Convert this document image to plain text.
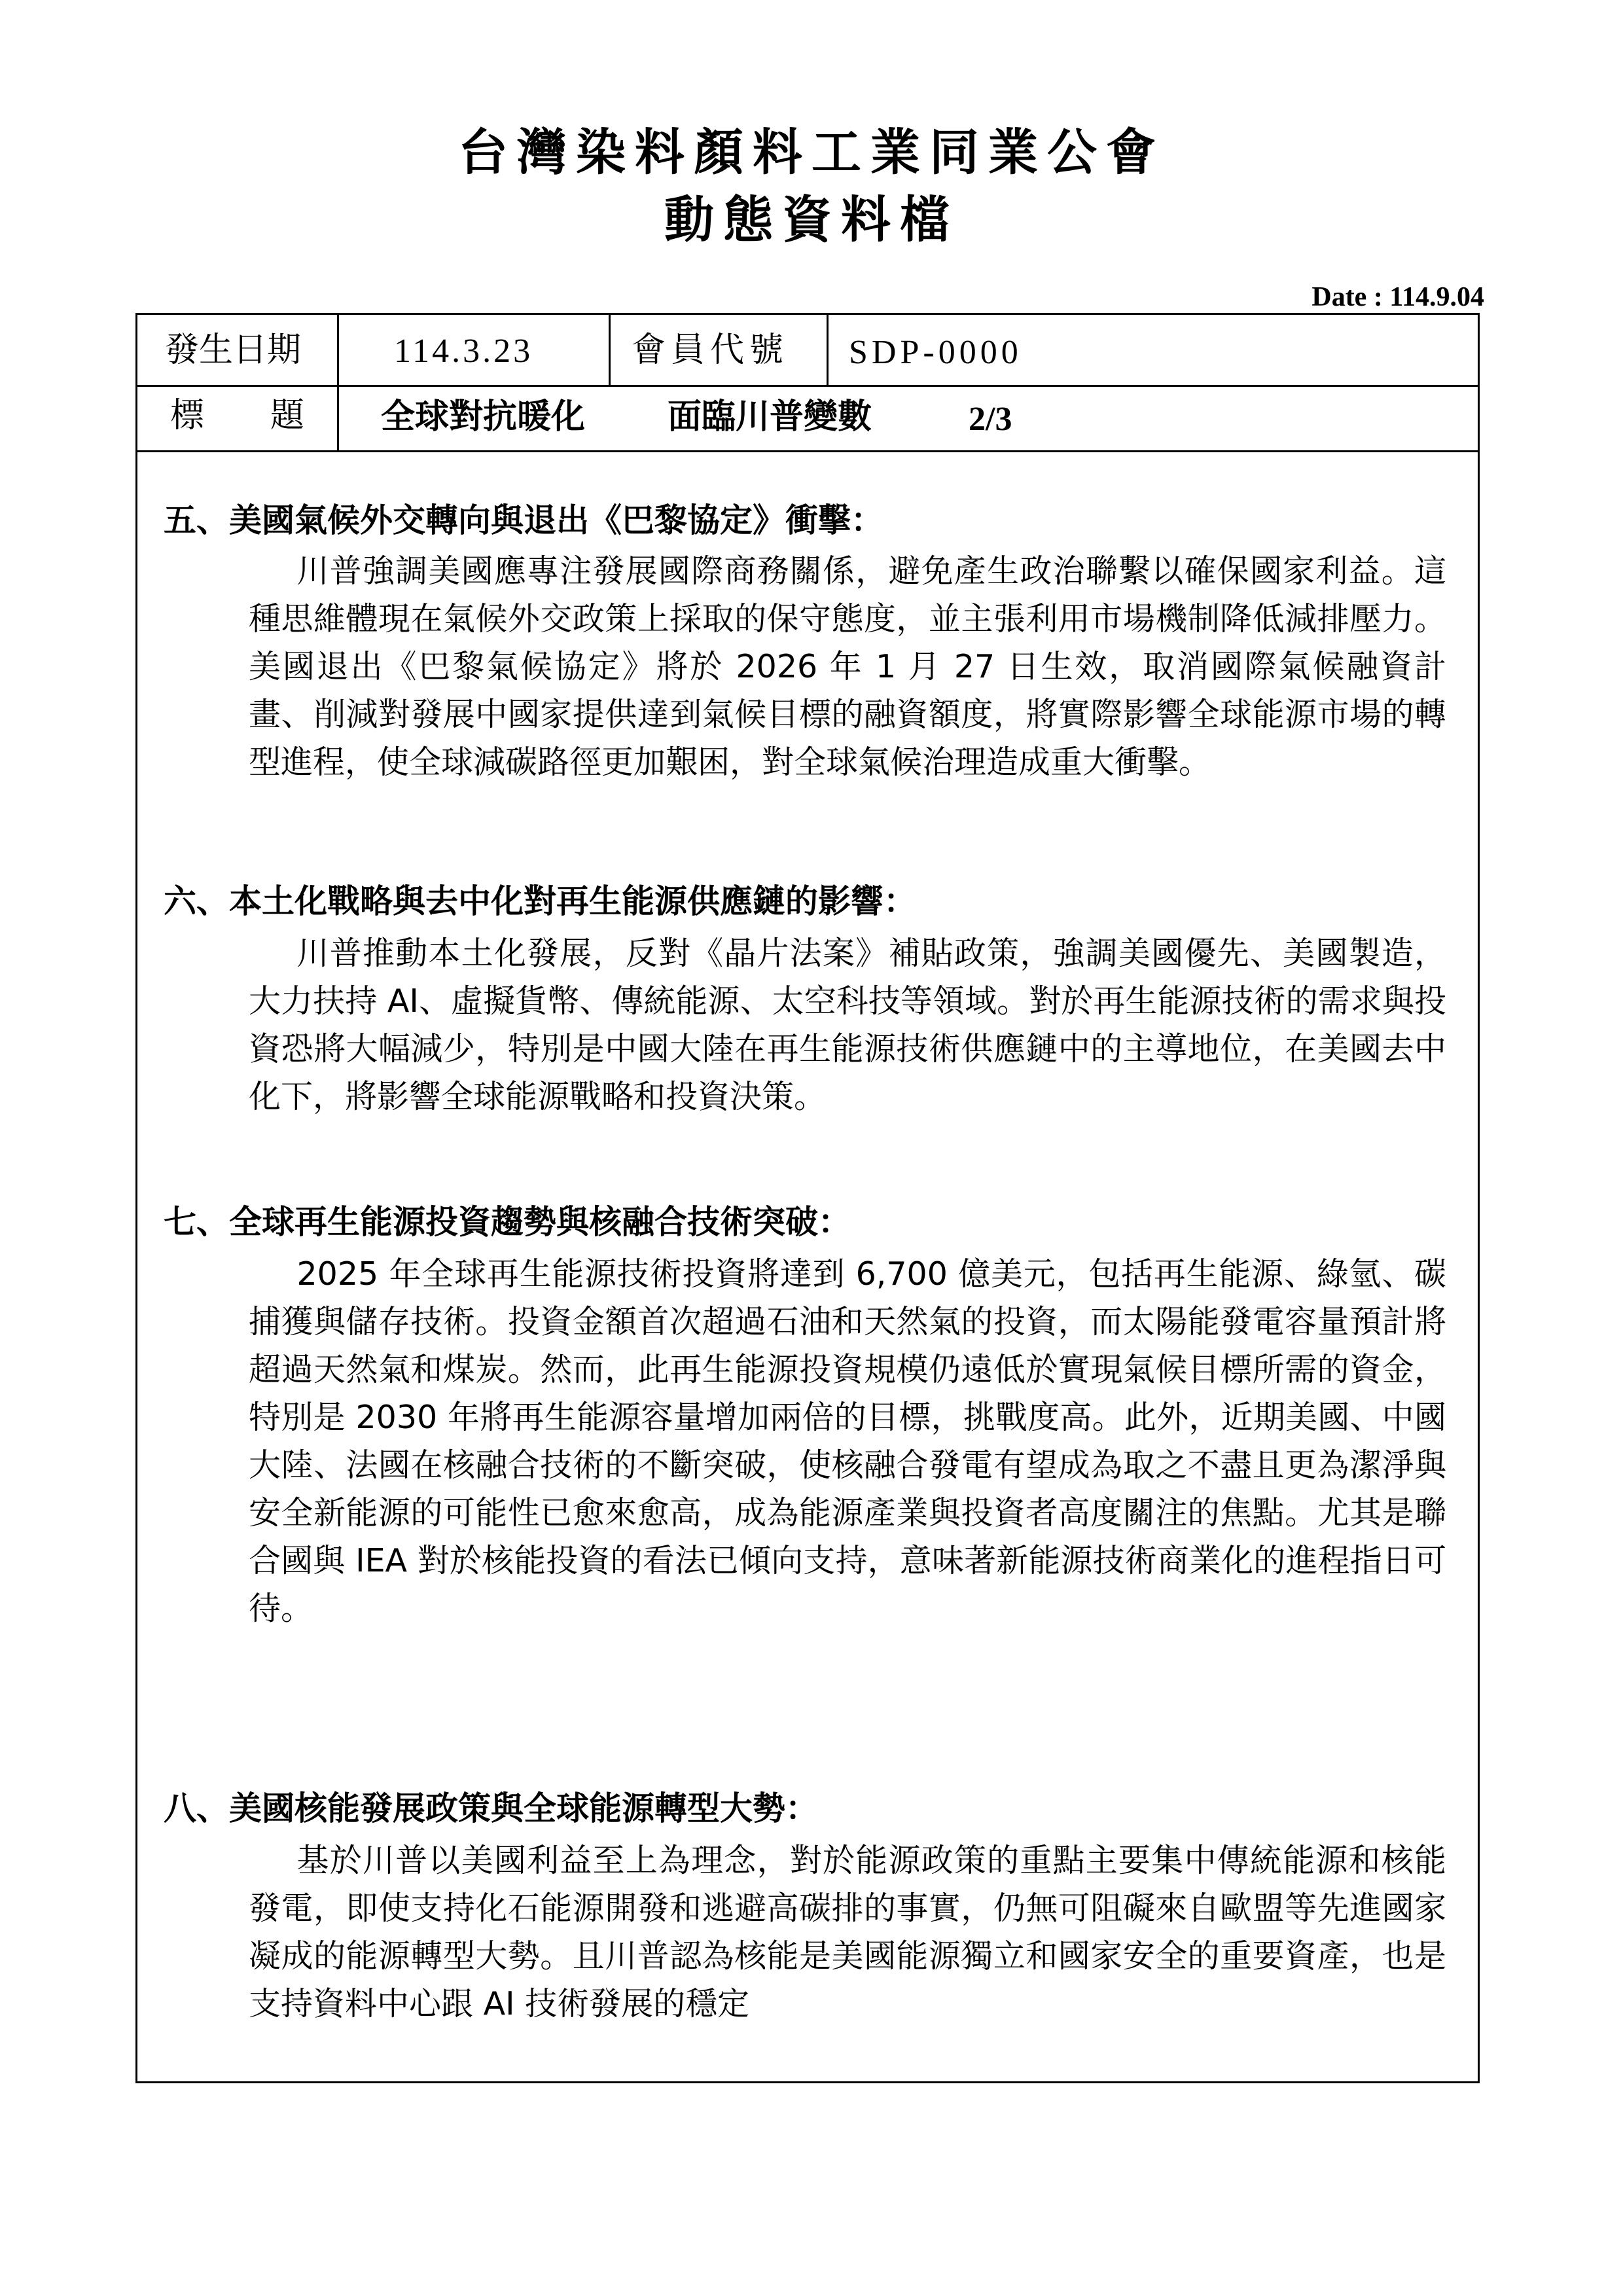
台灣染料顏料工業同業公會
動態資料檔
Date : 114.9.04
發生日期	114.3.23	會員代號 SDP-0000
標 題 全球對抗暖化 面臨川普變數	2/3
五、美國氣候外交轉向與退出《巴黎協定》衝擊：
川普強調美國應專注發展國際商務關係，避免產生政治聯繫以確保國家利益。這種思維體現在氣候外交政策上採取的保守態度，並主張利用市場機制降低減排壓力。美國退出《巴黎氣候協定》將於 2026 年 1 月 27 日生效，取消國際氣候融資計畫、削減對發展中國家提供達到氣候目標的融資額度，將實際影響全球能源市場的轉型進程，使全球減碳路徑更加艱困，對全球氣候治理造成重大衝擊。
六、本土化戰略與去中化對再生能源供應鏈的影響：
川普推動本土化發展，反對《晶片法案》補貼政策，強調美國優先、美國製造，大力扶持 AI、虛擬貨幣、傳統能源、太空科技等領域。對於再生能源技術的需求與投資恐將大幅減少，特別是中國大陸在再生能源技術供應鏈中的主導地位，在美國去中化下，將影響全球能源戰略和投資決策。
七、全球再生能源投資趨勢與核融合技術突破：
2025 年全球再生能源技術投資將達到 6,700 億美元，包括再生能源、綠氫、碳捕獲與儲存技術。投資金額首次超過石油和天然氣的投資，而太陽能發電容量預計將超過天然氣和煤炭。然而，此再生能源投資規模仍遠低於實現氣候目標所需的資金，特別是 2030 年將再生能源容量增加兩倍的目標，挑戰度高。此外，近期美國、中國大陸、法國在核融合技術的不斷突破，使核融合發電有望成為取之不盡且更為潔淨與安全新能源的可能性已愈來愈高，成為能源產業與投資者高度關注的焦點。尤其是聯合國與 IEA 對於核能投資的看法已傾向支持，意味著新能源技術商業化的進程指日可待。
八、美國核能發展政策與全球能源轉型大勢：
基於川普以美國利益至上為理念，對於能源政策的重點主要集中傳統能源和核能發電，即使支持化石能源開發和逃避高碳排的事實，仍無可阻礙來自歐盟等先進國家凝成的能源轉型大勢。且川普認為核能是美國能源獨立和國家安全的重要資產，也是支持資料中心跟 AI 技術發展的穩定
